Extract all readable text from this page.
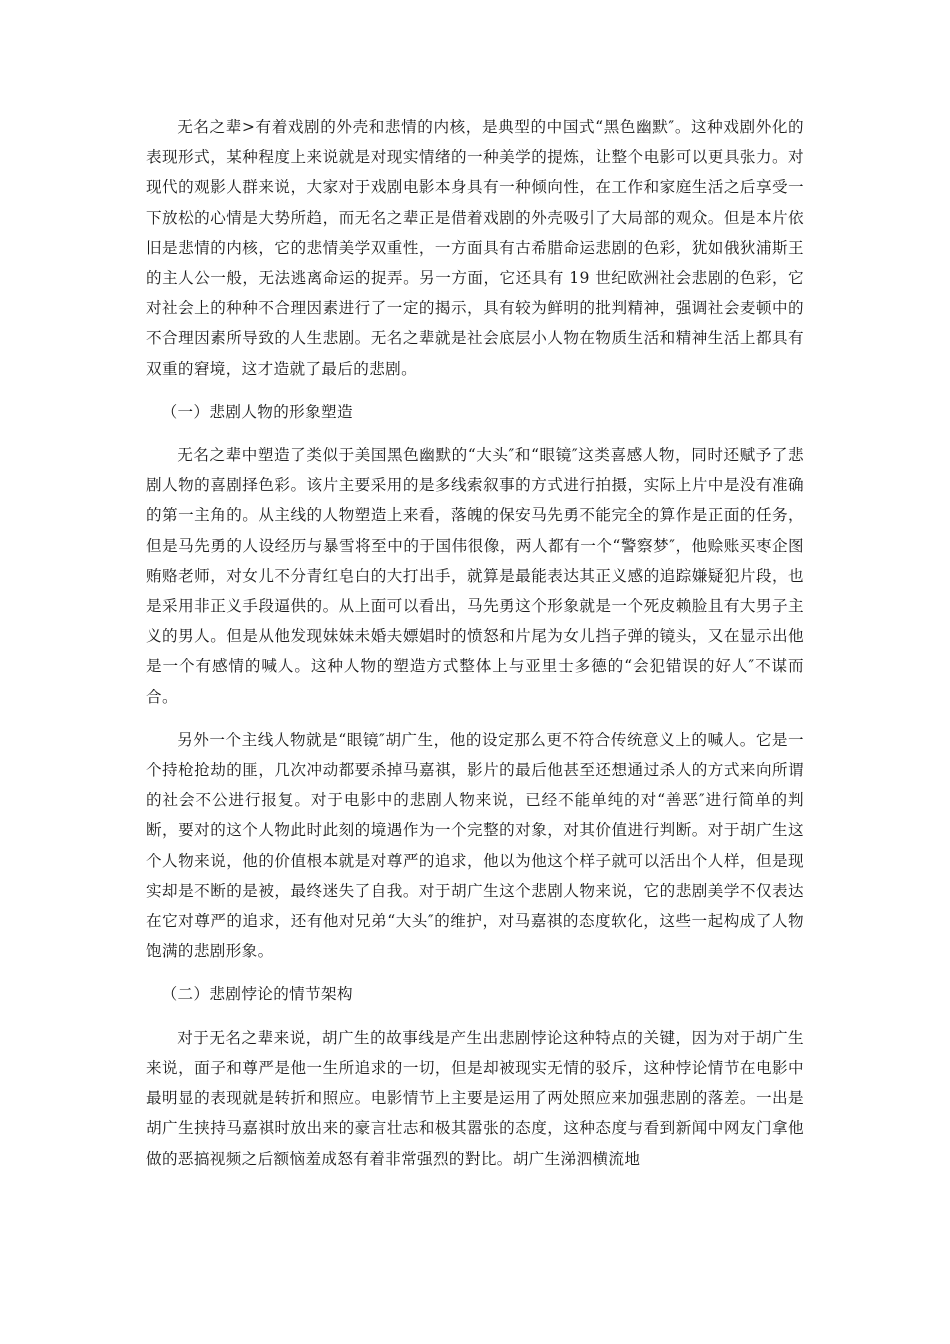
无名之辈>有着戏剧的外壳和悲情的内核，是典型的中国式“黑色幽默″。这种戏剧外化的表现形式，某种程度上来说就是对现实情绪的一种美学的提炼，让整个电影可以更具张力。对现代的观影人群来说，大家对于戏剧电影本身具有一种倾向性，在工作和家庭生活之后享受一下放松的心情是大势所趋，而无名之辈正是借着戏剧的外壳吸引了大局部的观众。但是本片依旧是悲情的内核，它的悲情美学双重性，一方面具有古希腊命运悲剧的色彩，犹如俄狄浦斯王的主人公一般，无法逃离命运的捉弄。另一方面，它还具有 19 世纪欧洲社会悲剧的色彩，它对社会上的种种不合理因素进行了一定的揭示，具有较为鲜明的批判精神，强调社会麦顿中的不合理因素所导致的人生悲剧。无名之辈就是社会底层小人物在物质生活和精神生活上都具有双重的窘境，这才造就了最后的悲剧。

（一）悲剧人物的形象塑造

无名之辈中塑造了类似于美国黑色幽默的“大头″和“眼镜″这类喜感人物，同时还赋予了悲剧人物的喜剧择色彩。该片主要采用的是多线索叙事的方式进行拍摄，实际上片中是没有准确的第一主角的。从主线的人物塑造上来看，落魄的保安马先勇不能完全的算作是正面的任务，但是马先勇的人设经历与暴雪将至中的于国伟很像，两人都有一个“警察梦″，他赊账买枣企图贿赂老师，对女儿不分青红皂白的大打出手，就算是最能表达其正义感的追踪嫌疑犯片段，也是采用非正义手段逼供的。从上面可以看出，马先勇这个形象就是一个死皮赖脸且有大男子主义的男人。但是从他发现妹妹未婚夫嫖娼时的愤怒和片尾为女儿挡子弹的镜头，又在显示出他是一个有感情的喊人。这种人物的塑造方式整体上与亚里士多德的“会犯错误的好人″不谋而合。

另外一个主线人物就是“眼镜″胡广生，他的设定那么更不符合传统意义上的喊人。它是一个持枪抢劫的匪，几次冲动都要杀掉马嘉祺，影片的最后他甚至还想通过杀人的方式来向所谓的社会不公进行报复。对于电影中的悲剧人物来说，已经不能单纯的对“善恶″进行简单的判断，要对的这个人物此时此刻的境遇作为一个完整的对象，对其价值进行判断。对于胡广生这个人物来说，他的价值根本就是对尊严的追求，他以为他这个样子就可以活出个人样，但是现实却是不断的是被，最终迷失了自我。对于胡广生这个悲剧人物来说，它的悲剧美学不仅表达在它对尊严的追求，还有他对兄弟“大头″的维护，对马嘉祺的态度软化，这些一起构成了人物饱满的悲剧形象。

（二）悲剧悖论的情节架构

对于无名之辈来说，胡广生的故事线是产生出悲剧悖论这种特点的关键，因为对于胡广生来说，面子和尊严是他一生所追求的一切，但是却被现实无情的驳斥，这种悖论情节在电影中最明显的表现就是转折和照应。电影情节上主要是运用了两处照应来加强悲剧的落差。一出是胡广生挟持马嘉祺时放出来的豪言壮志和极其嚣张的态度，这种态度与看到新闻中网友门拿他做的恶搞视频之后额恼羞成怒有着非常强烈的對比。胡广生涕泗横流地
